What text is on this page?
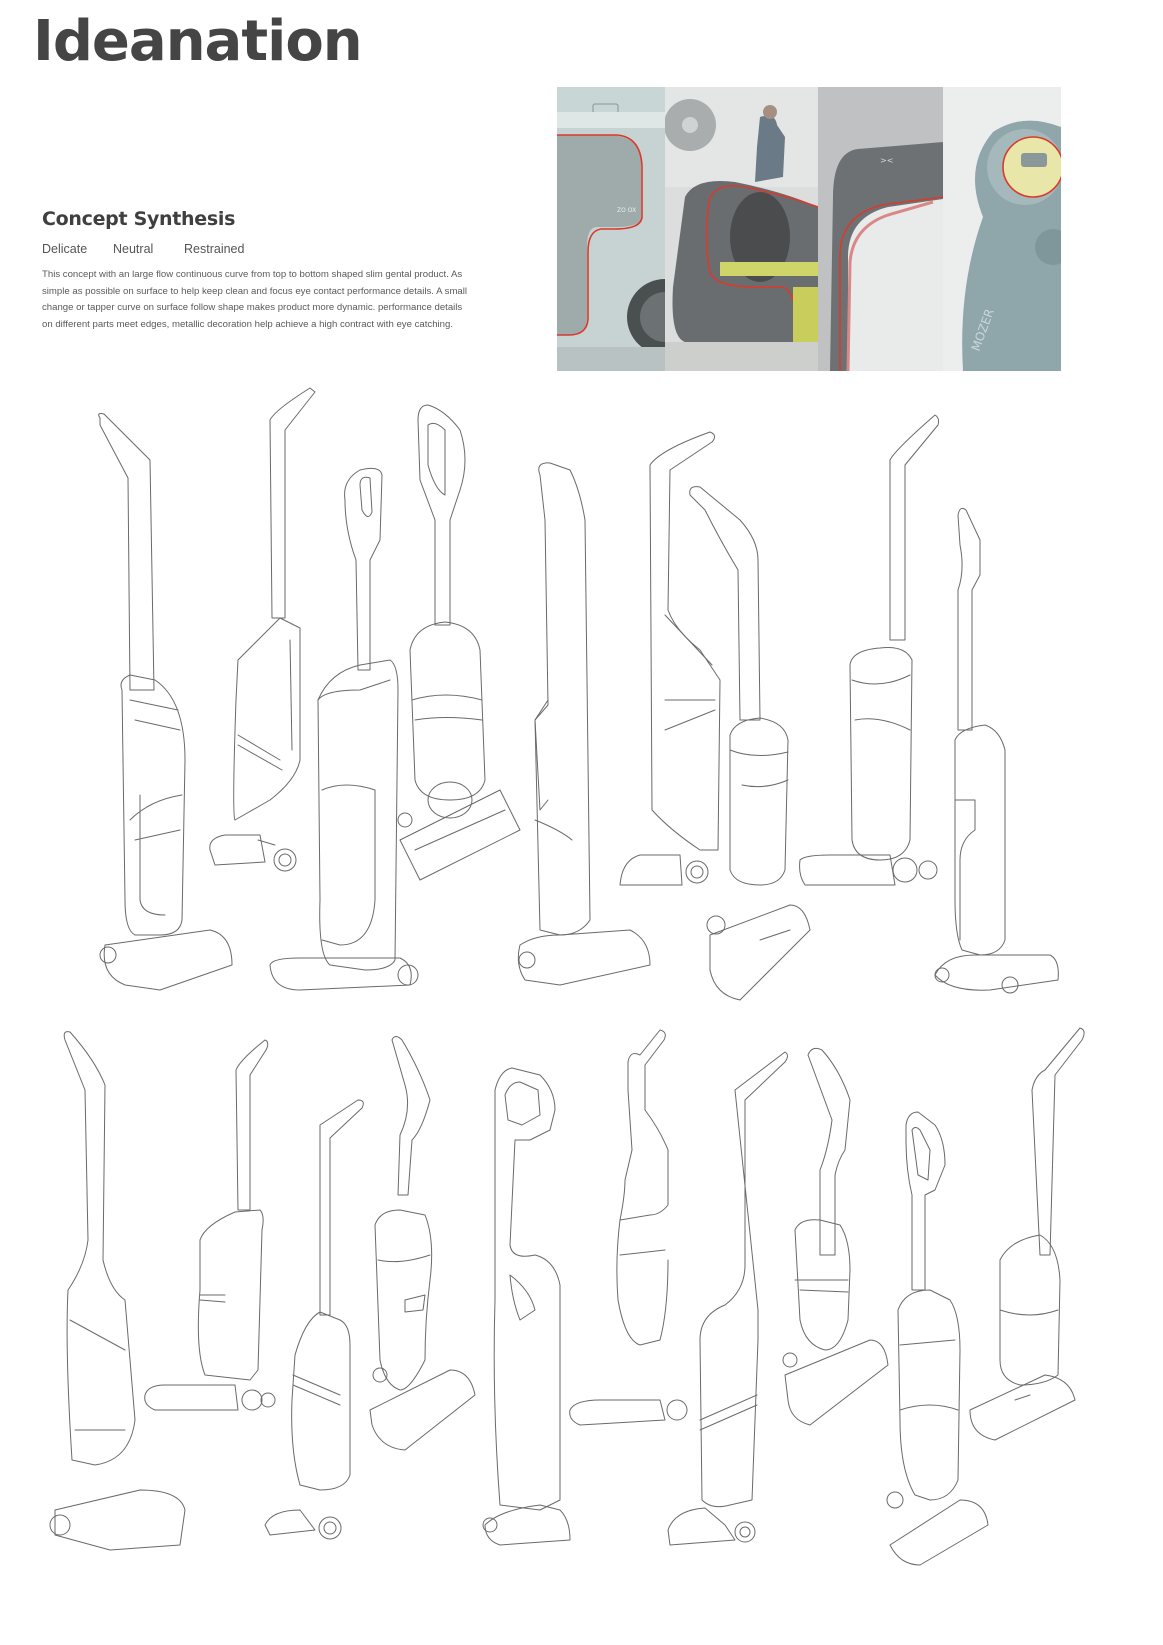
Ideanation
Concept Synthesis
Delicate	Neutral	Restrained
This concept with an large flow continuous curve from top to bottom shaped slim gental product. As simple as possible on surface to help keep clean and focus eye contact performance details. A small change or tapper curve on surface follow shape makes product more dynamic. performance details on different parts meet edges, metallic decoration help achieve a high contract with eye catching.
ZO OX
><
MOZER
